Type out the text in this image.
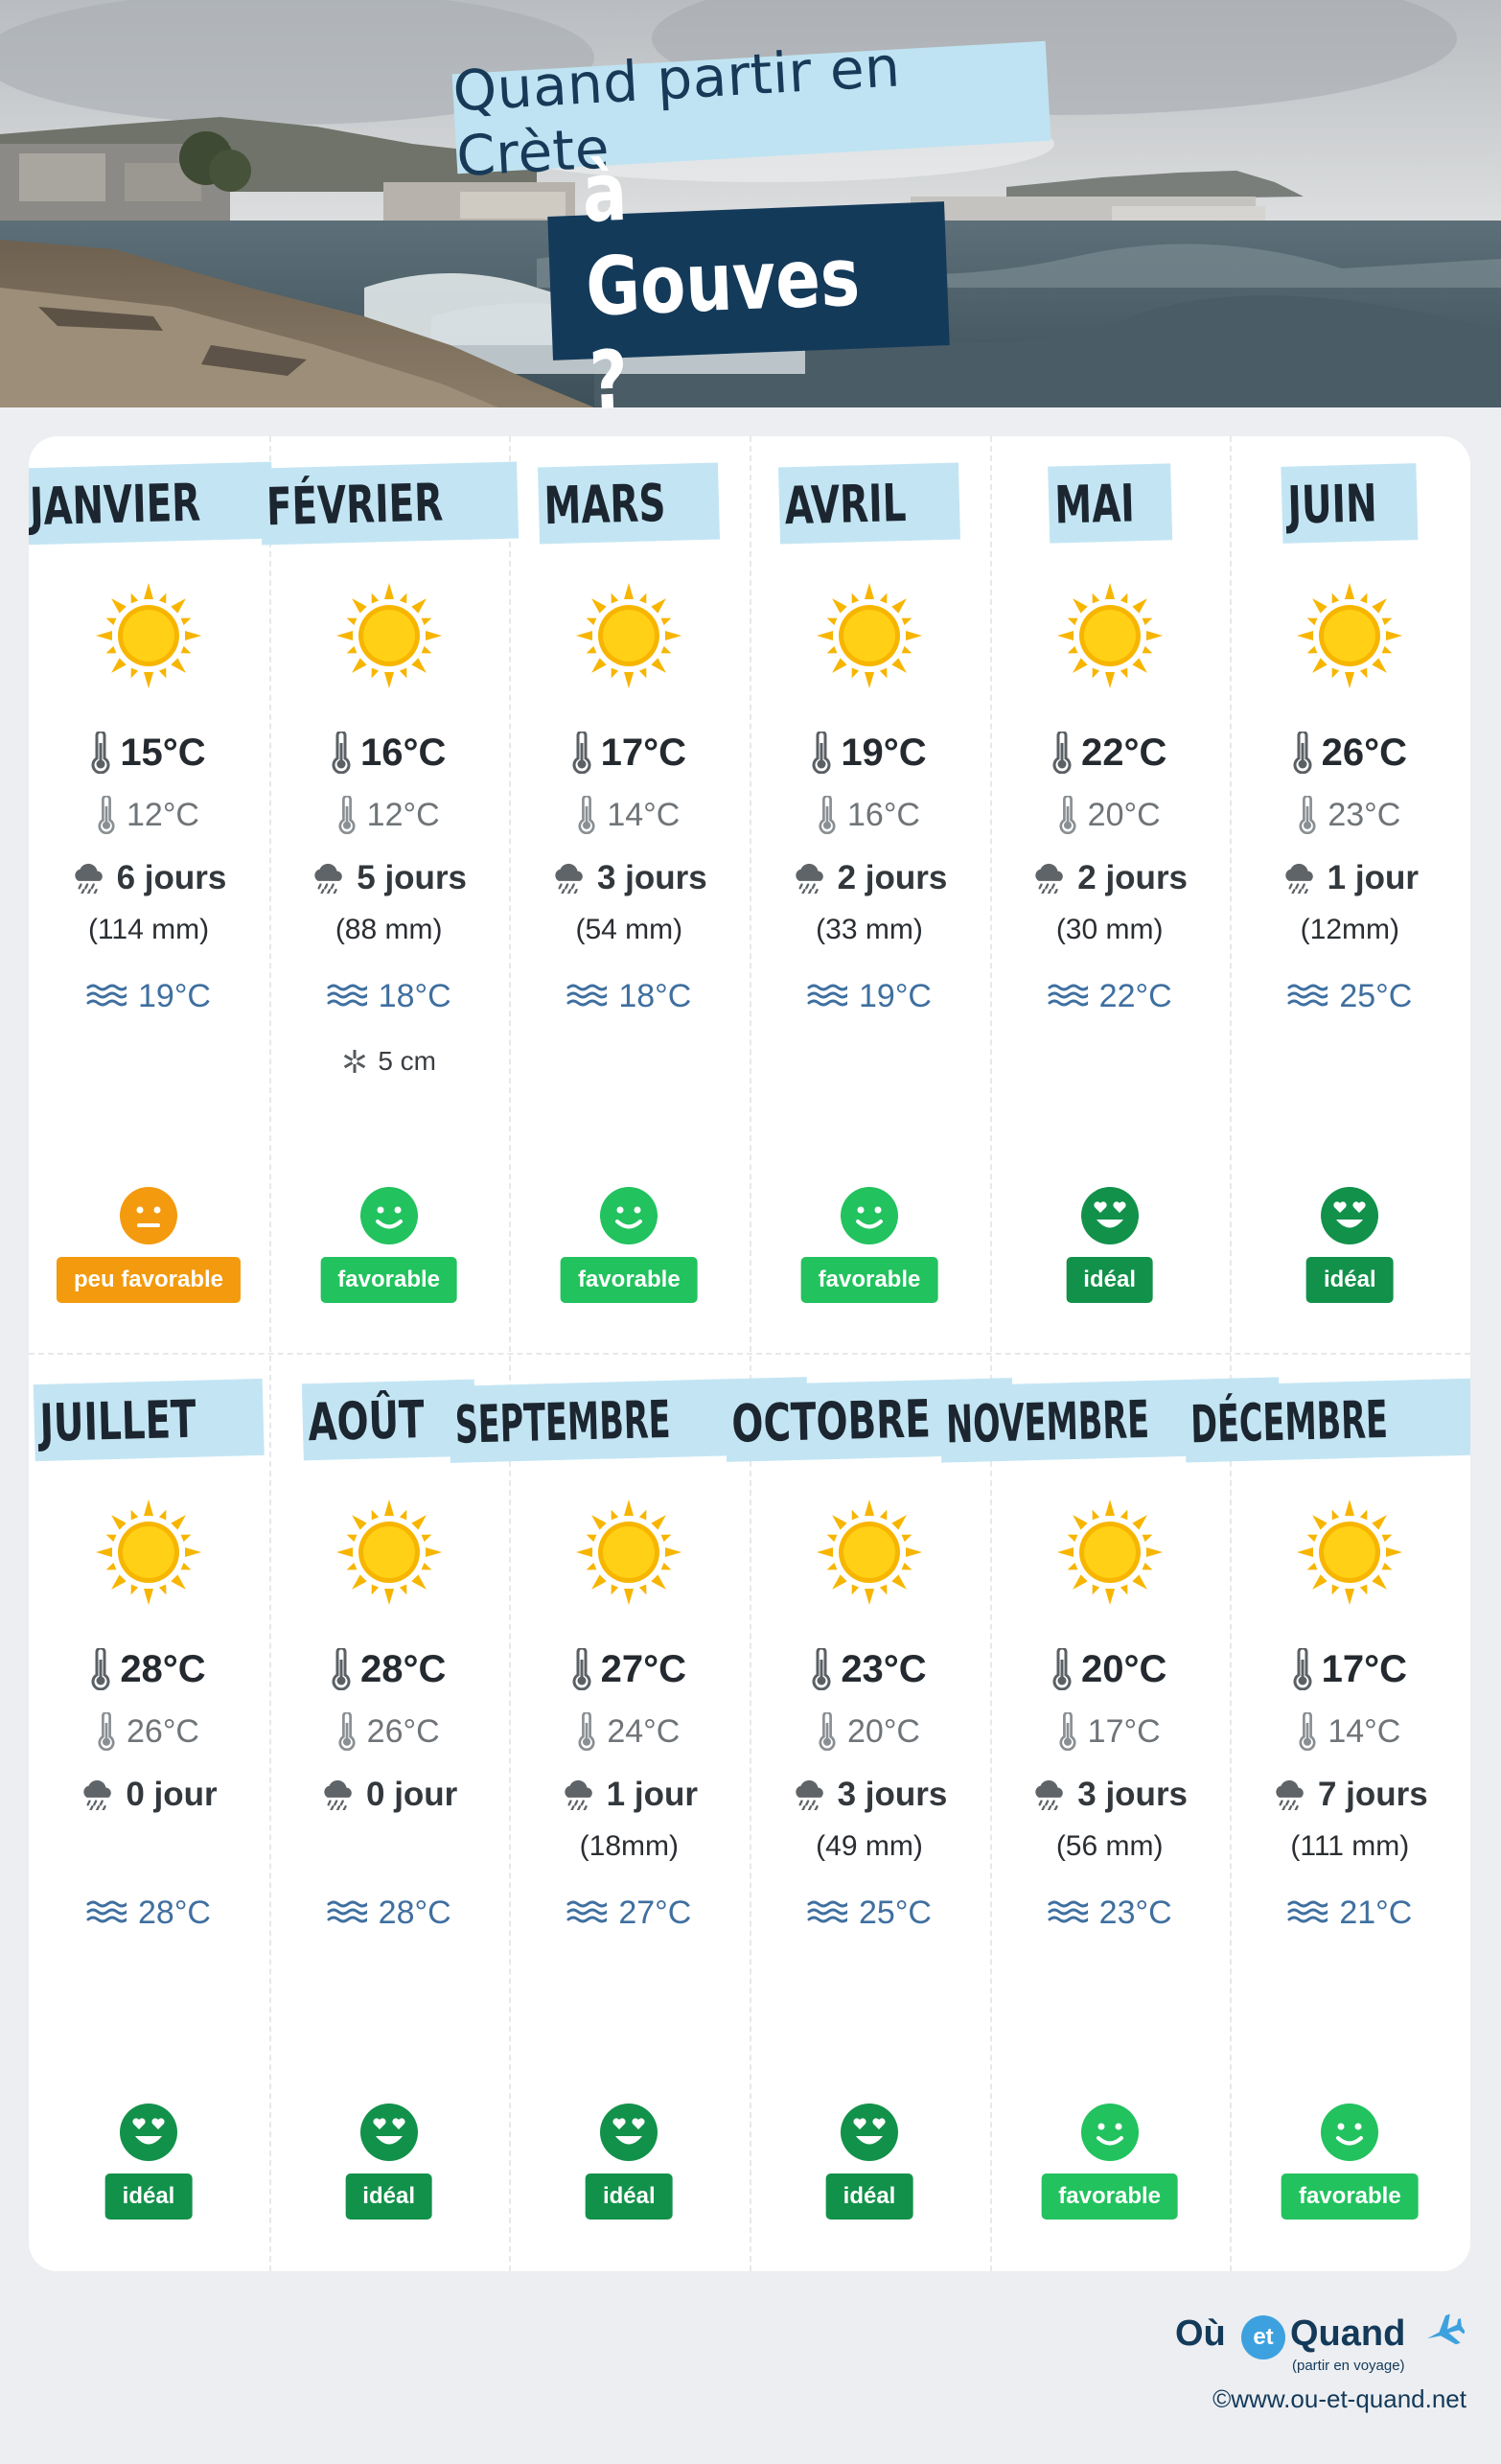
Quand partir en Crète
à Gouves ?
JANVIER
15°C
12°C
6 jours
(114 mm)
19°C
peu favorable
FÉVRIER
16°C
12°C
5 jours
(88 mm)
18°C
5 cm
favorable
MARS
17°C
14°C
3 jours
(54 mm)
18°C
favorable
AVRIL
19°C
16°C
2 jours
(33 mm)
19°C
favorable
MAI
22°C
20°C
2 jours
(30 mm)
22°C
idéal
JUIN
26°C
23°C
1 jour
(12mm)
25°C
idéal
JUILLET
28°C
26°C
0 jour
28°C
idéal
AOÛT
28°C
26°C
0 jour
28°C
idéal
SEPTEMBRE
27°C
24°C
1 jour
(18mm)
27°C
idéal
OCTOBRE
23°C
20°C
3 jours
(49 mm)
25°C
idéal
NOVEMBRE
20°C
17°C
3 jours
(56 mm)
23°C
favorable
DÉCEMBRE
17°C
14°C
7 jours
(111 mm)
21°C
favorable
Où	et Quand
(partir en voyage)
©www.ou-et-quand.net
